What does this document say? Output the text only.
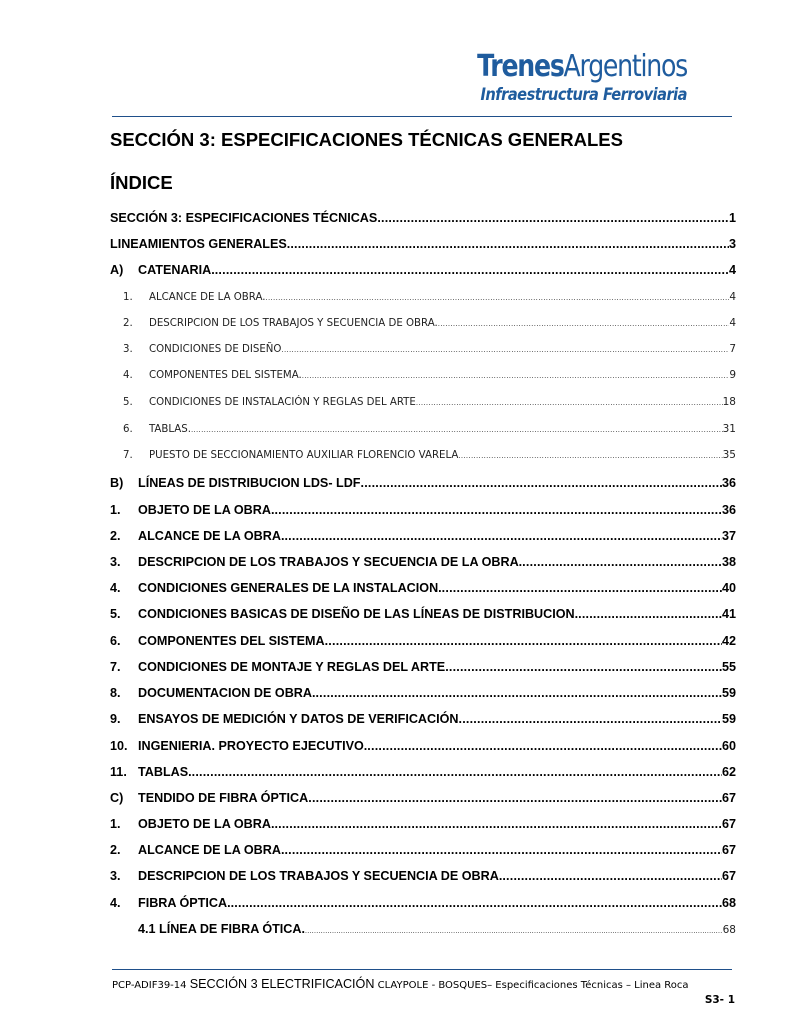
TrenesArgentinos
Infraestructura Ferroviaria
SECCIÓN 3: ESPECIFICACIONES TÉCNICAS GENERALES
ÍNDICE
SECCIÓN 3: ESPECIFICACIONES TÉCNICAS .....	1
LINEAMIENTOS GENERALES. .....	3
A)	CATENARIA. .....	4
1.	ALCANCE DE LA OBRA. .....	4
2.	DESCRIPCION DE LOS TRABAJOS Y SECUENCIA DE OBRA. .....	4
3.	CONDICIONES DE DISEÑO .....	7
4.	COMPONENTES DEL SISTEMA. .....	9
5.	CONDICIONES DE INSTALACIÓN Y REGLAS DEL ARTE .....	18
6.	TABLAS. .....	31
7.	PUESTO DE SECCIONAMIENTO AUXILIAR FLORENCIO VARELA .....	35
B)	LÍNEAS DE DISTRIBUCION LDS- LDF .....	36
1.	OBJETO DE LA OBRA. .....	36
2.	ALCANCE DE LA OBRA. .....	37
3.	DESCRIPCION DE LOS TRABAJOS Y SECUENCIA DE LA OBRA. .....	38
4.	CONDICIONES GENERALES DE LA INSTALACION. .....	40
5.	CONDICIONES BASICAS DE DISEÑO DE LAS LÍNEAS DE DISTRIBUCION. .....	41
6.	COMPONENTES DEL SISTEMA .....	42
7.	CONDICIONES DE MONTAJE Y REGLAS DEL ARTE .....	55
8.	DOCUMENTACION DE OBRA. .....	59
9.	ENSAYOS DE MEDICIÓN Y DATOS DE VERIFICACIÓN .....	59
10. INGENIERIA. PROYECTO EJECUTIVO. .....	60
11. TABLAS. .....	62
C)	TENDIDO DE FIBRA ÓPTICA .....	67
1.	OBJETO DE LA OBRA. .....	67
2.	ALCANCE DE LA OBRA. .....	67
3.	DESCRIPCION DE LOS TRABAJOS Y SECUENCIA DE OBRA. .....	67
4.	FIBRA ÓPTICA. .....	68
4.1 LÍNEA DE FIBRA ÓTICA. .....	68
PCP-ADIF39-14 SECCIÓN 3 ELECTRIFICACIÓN CLAYPOLE - BOSQUES– Especificaciones Técnicas – Linea Roca
S3- 1
